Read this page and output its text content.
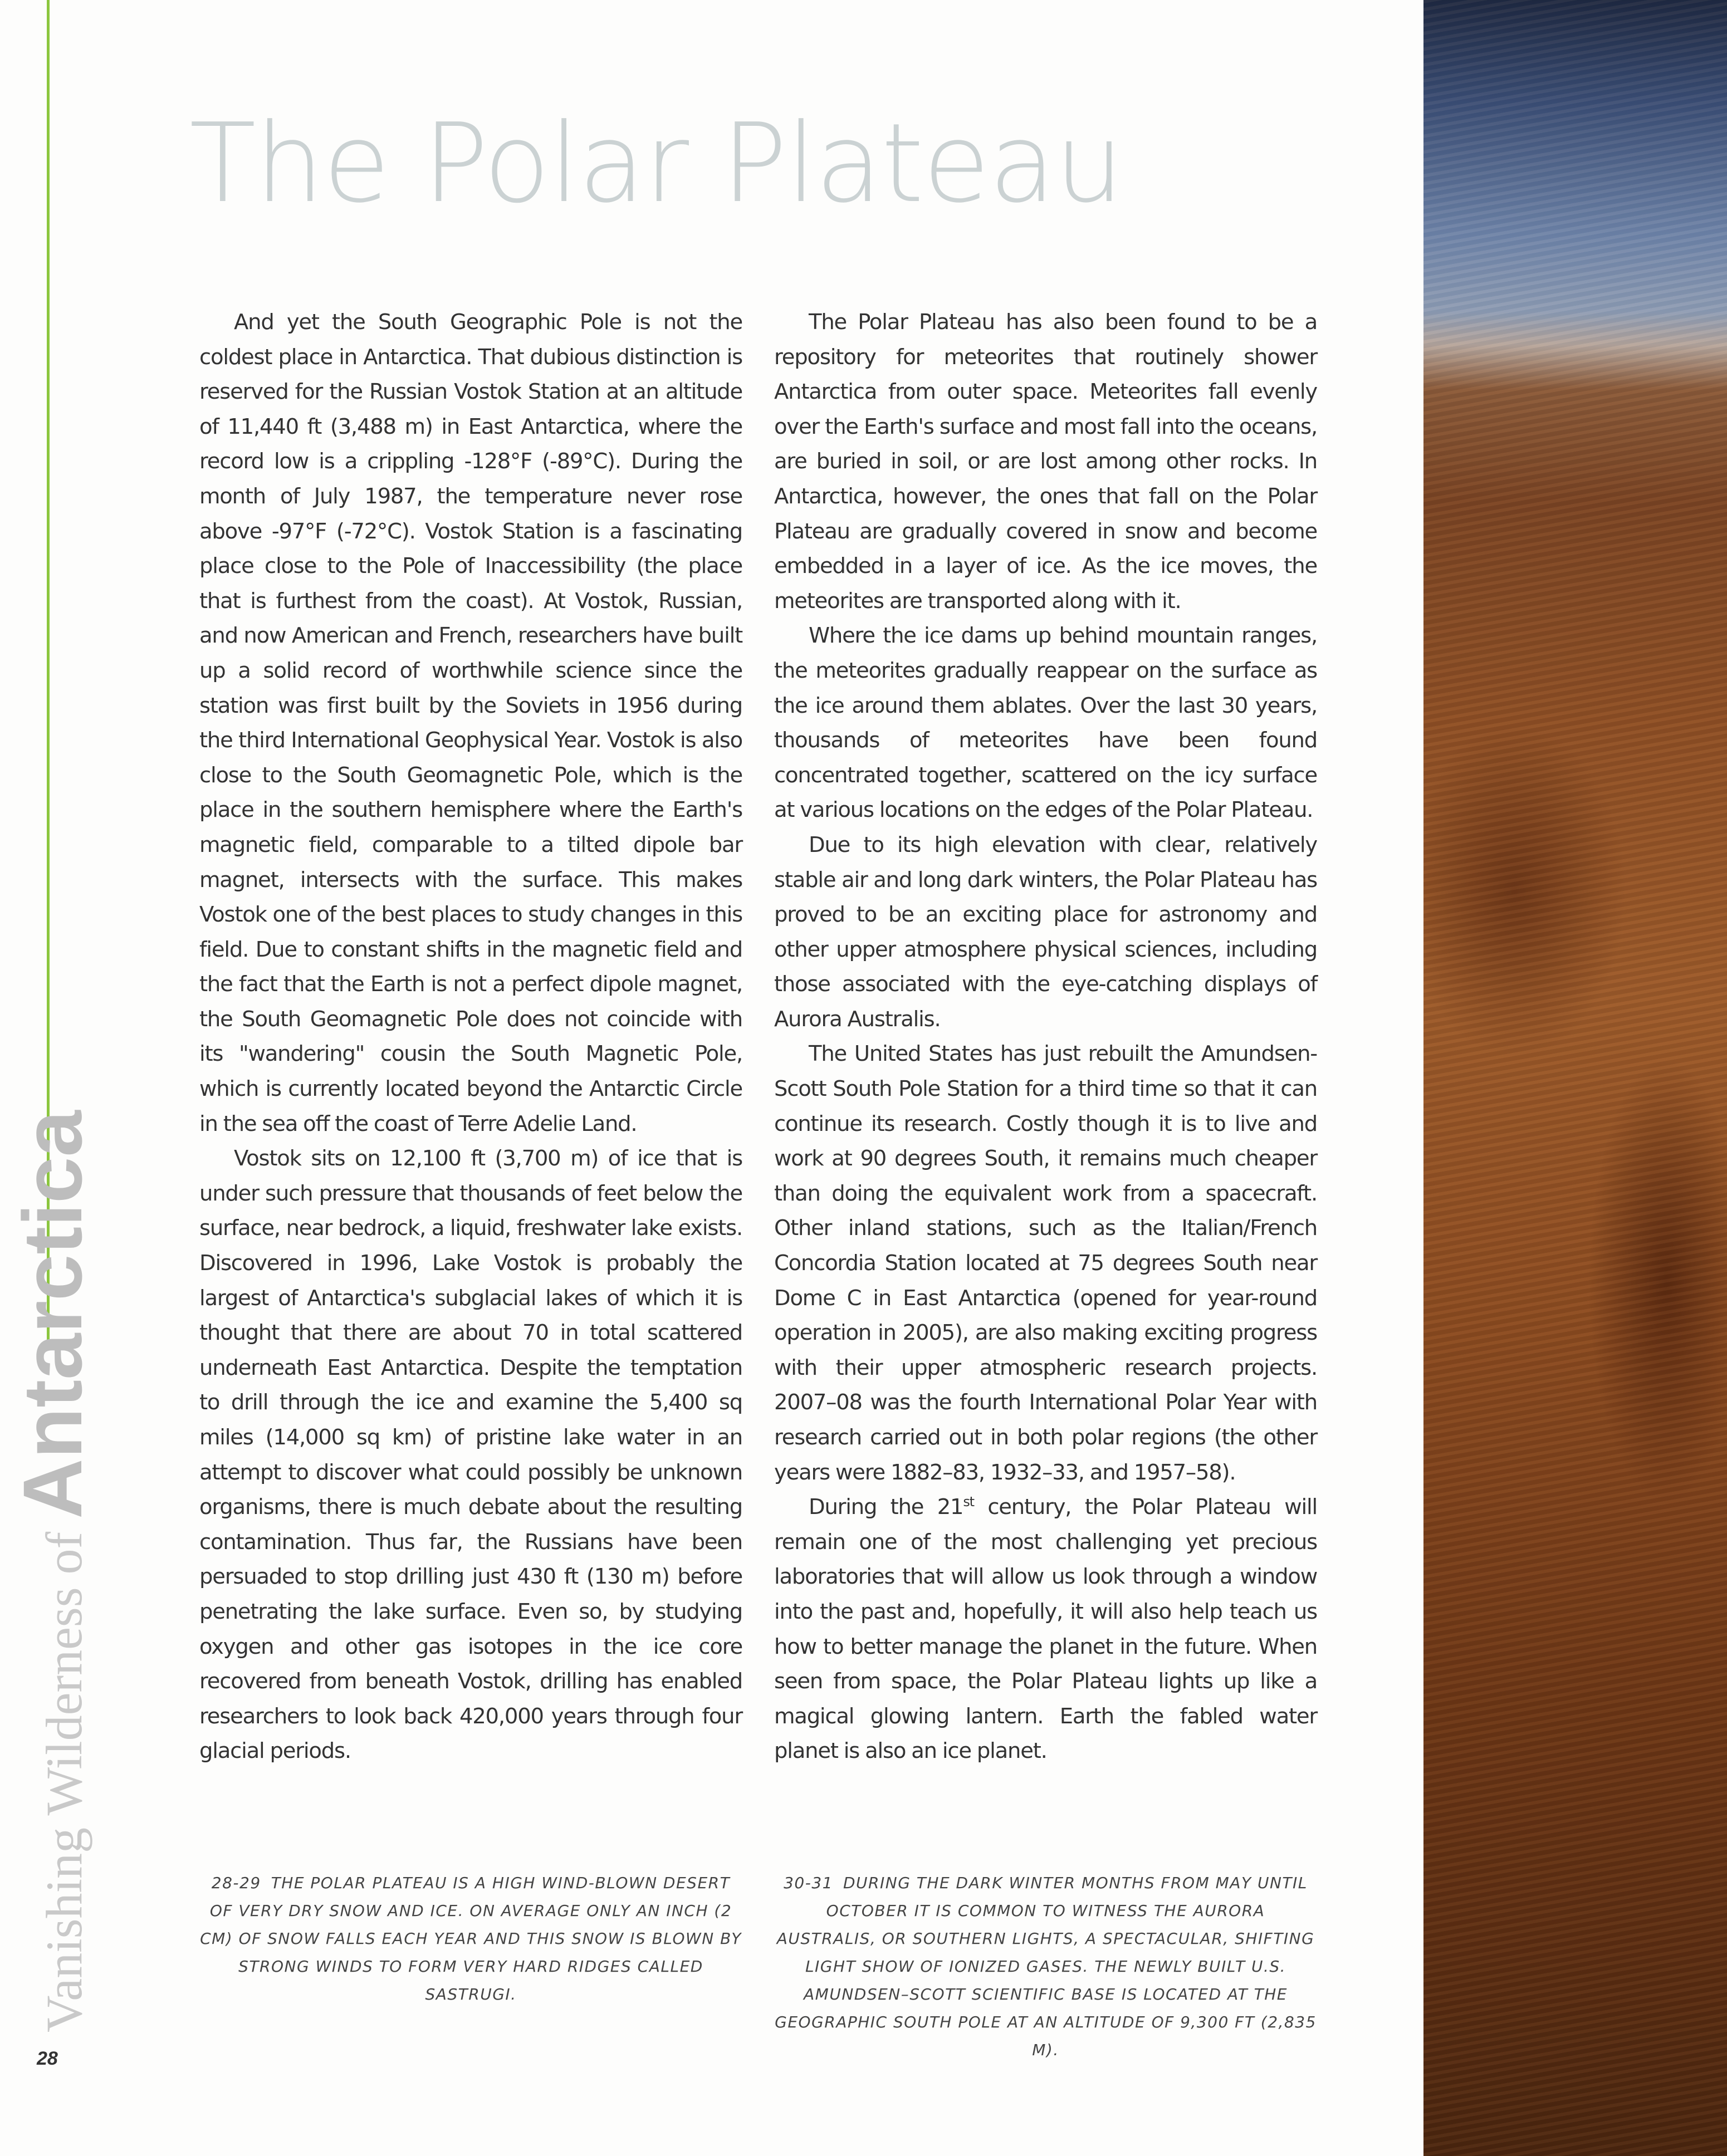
Vanishing Wilderness of Antarctica
28
The Polar Plateau

And yet the South Geographic Pole is not the coldest place in Antarctica. That dubious distinction is reserved for the Russian Vostok Station at an altitude of 11,440 ft (3,488 m) in East Antarctica, where the record low is a crippling -128°F (-89°C). During the month of July 1987, the temperature never rose above -97°F (-72°C). Vostok Station is a fascinating place close to the Pole of Inaccessibility (the place that is furthest from the coast). At Vostok, Russian, and now American and French, researchers have built up a solid record of worthwhile science since the station was first built by the Soviets in 1956 during the third International Geophysical Year. Vostok is also close to the South Geomagnetic Pole, which is the place in the southern hemisphere where the Earth's magnetic field, comparable to a tilted dipole bar magnet, intersects with the surface. This makes Vostok one of the best places to study changes in this field. Due to constant shifts in the magnetic field and the fact that the Earth is not a perfect dipole magnet, the South Geomagnetic Pole does not coincide with its "wandering" cousin the South Magnetic Pole, which is currently located beyond the Antarctic Circle in the sea off the coast of Terre Adelie Land.

Vostok sits on 12,100 ft (3,700 m) of ice that is under such pressure that thousands of feet below the surface, near bedrock, a liquid, freshwater lake exists. Discovered in 1996, Lake Vostok is probably the largest of Antarctica's subglacial lakes of which it is thought that there are about 70 in total scattered underneath East Antarctica. Despite the temptation to drill through the ice and examine the 5,400 sq miles (14,000 sq km) of pristine lake water in an attempt to discover what could possibly be unknown organisms, there is much debate about the resulting contamination. Thus far, the Russians have been persuaded to stop drilling just 430 ft (130 m) before penetrating the lake surface. Even so, by studying oxygen and other gas isotopes in the ice core recovered from beneath Vostok, drilling has enabled researchers to look back 420,000 years through four glacial periods.

The Polar Plateau has also been found to be a repository for meteorites that routinely shower Antarctica from outer space. Meteorites fall evenly over the Earth's surface and most fall into the oceans, are buried in soil, or are lost among other rocks. In Antarctica, however, the ones that fall on the Polar Plateau are gradually covered in snow and become embedded in a layer of ice. As the ice moves, the meteorites are transported along with it.

Where the ice dams up behind mountain ranges, the meteorites gradually reappear on the surface as the ice around them ablates. Over the last 30 years, thousands of meteorites have been found concentrated together, scattered on the icy surface at various locations on the edges of the Polar Plateau.

Due to its high elevation with clear, relatively stable air and long dark winters, the Polar Plateau has proved to be an exciting place for astronomy and other upper atmosphere physical sciences, including those associated with the eye-catching displays of Aurora Australis.

The United States has just rebuilt the Amundsen-Scott South Pole Station for a third time so that it can continue its research. Costly though it is to live and work at 90 degrees South, it remains much cheaper than doing the equivalent work from a spacecraft. Other inland stations, such as the Italian/French Concordia Station located at 75 degrees South near Dome C in East Antarctica (opened for year-round operation in 2005), are also making exciting progress with their upper atmospheric research projects. 2007–08 was the fourth International Polar Year with research carried out in both polar regions (the other years were 1882–83, 1932–33, and 1957–58).

During the 21st century, the Polar Plateau will remain one of the most challenging yet precious laboratories that will allow us look through a window into the past and, hopefully, it will also help teach us how to better manage the planet in the future. When seen from space, the Polar Plateau lights up like a magical glowing lantern. Earth the fabled water planet is also an ice planet.

28-29 THE POLAR PLATEAU IS A HIGH WIND-BLOWN DESERT OF VERY DRY SNOW AND ICE. ON AVERAGE ONLY AN INCH (2 CM) OF SNOW FALLS EACH YEAR AND THIS SNOW IS BLOWN BY STRONG WINDS TO FORM VERY HARD RIDGES CALLED SASTRUGI.
30-31 DURING THE DARK WINTER MONTHS FROM MAY UNTIL OCTOBER IT IS COMMON TO WITNESS THE AURORA AUSTRALIS, OR SOUTHERN LIGHTS, A SPECTACULAR, SHIFTING LIGHT SHOW OF IONIZED GASES. THE NEWLY BUILT U.S. AMUNDSEN–SCOTT SCIENTIFIC BASE IS LOCATED AT THE GEOGRAPHIC SOUTH POLE AT AN ALTITUDE OF 9,300 FT (2,835 M).
